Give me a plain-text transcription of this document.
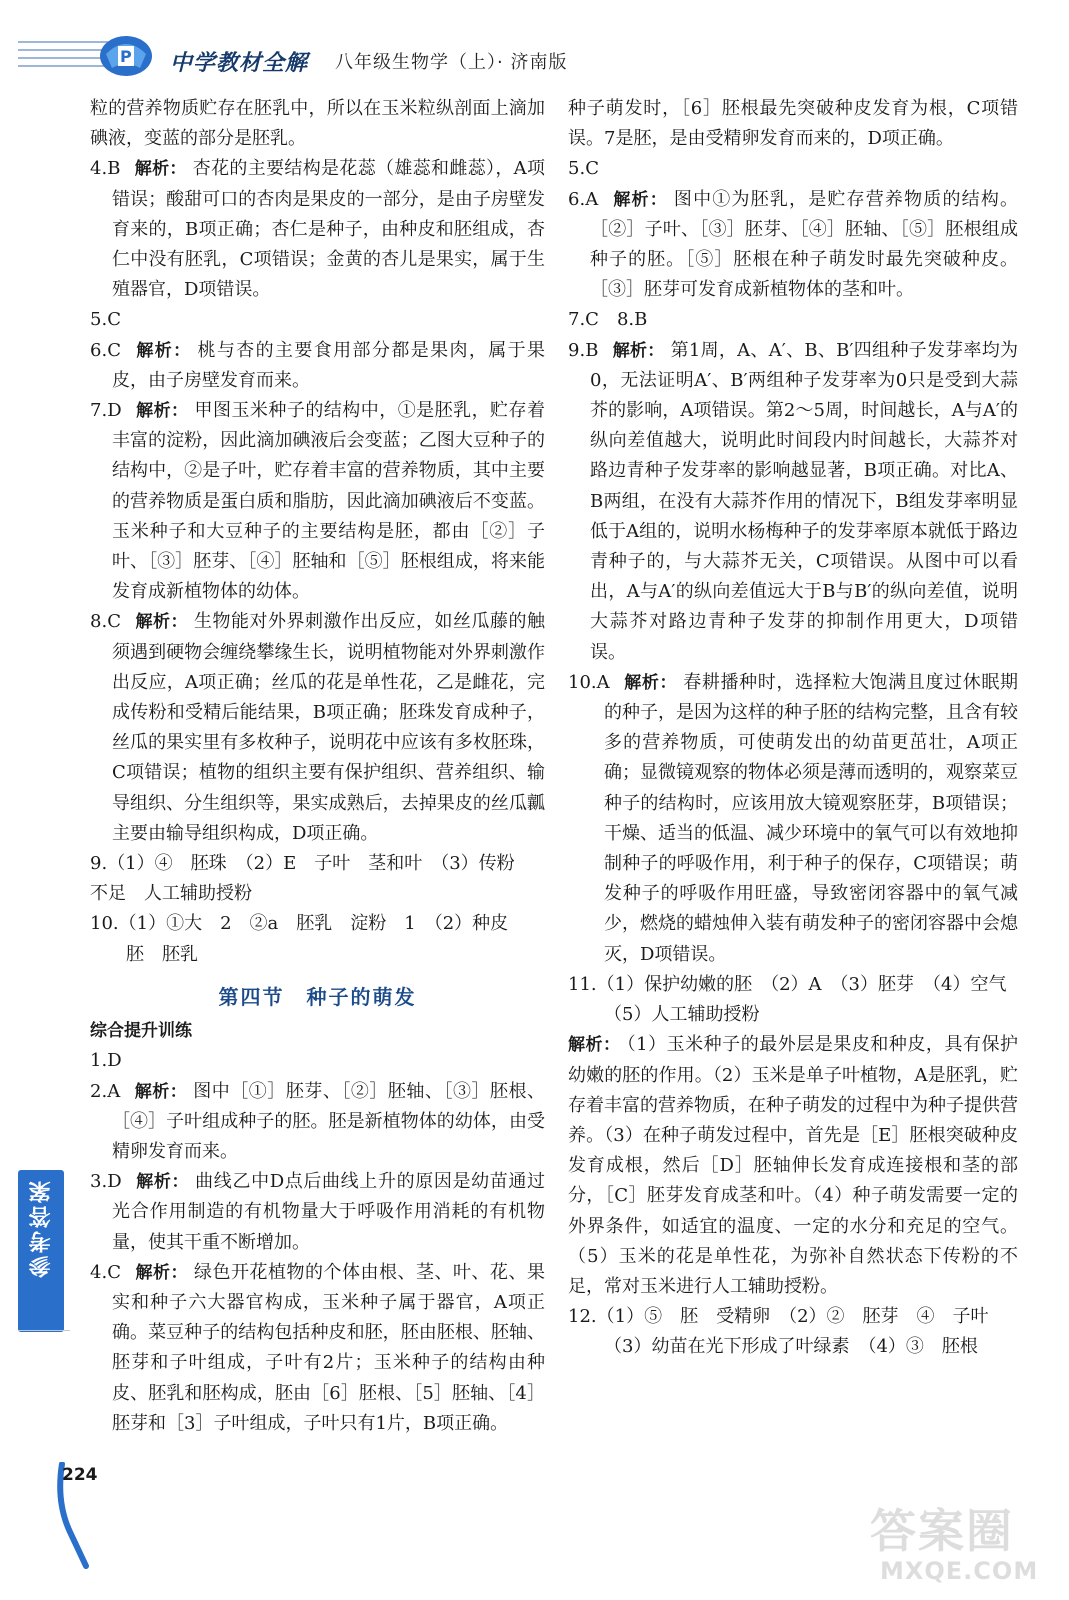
P 中学教材全解 八年级生物学（上）· 济南版

粒的营养物质贮存在胚乳中，所以在玉米粒纵剖面上滴加碘液，变蓝的部分是胚乳。

4.B 解析： 杏花的主要结构是花蕊（雄蕊和雌蕊），A项错误；酸甜可口的杏肉是果皮的一部分，是由子房壁发育来的，B项正确；杏仁是种子，由种皮和胚组成，杏仁中没有胚乳，C项错误；金黄的杏儿是果实，属于生殖器官，D项错误。

5.C

6.C 解析： 桃与杏的主要食用部分都是果肉，属于果皮，由子房壁发育而来。

7.D 解析： 甲图玉米种子的结构中，①是胚乳，贮存着丰富的淀粉，因此滴加碘液后会变蓝；乙图大豆种子的结构中，②是子叶，贮存着丰富的营养物质，其中主要的营养物质是蛋白质和脂肪，因此滴加碘液后不变蓝。玉米种子和大豆种子的主要结构是胚，都由［②］子叶、［③］胚芽、［④］胚轴和［⑤］胚根组成，将来能发育成新植物体的幼体。

8.C 解析： 生物能对外界刺激作出反应，如丝瓜藤的触须遇到硬物会缠绕攀缘生长，说明植物能对外界刺激作出反应，A项正确；丝瓜的花是单性花，乙是雌花，完成传粉和受精后能结果，B项正确；胚珠发育成种子，丝瓜的果实里有多枚种子，说明花中应该有多枚胚珠，C项错误；植物的组织主要有保护组织、营养组织、输导组织、分生组织等，果实成熟后，去掉果皮的丝瓜瓤主要由输导组织构成，D项正确。

9.（1）④　胚珠　（2）E　子叶　茎和叶　（3）传粉

不足　人工辅助授粉

10.（1）①大　2　②a　胚乳　淀粉　1　（2）种皮

胚　胚乳

第四节　种子的萌发

综合提升训练

1.D

2.A 解析： 图中［①］胚芽、［②］胚轴、［③］胚根、［④］子叶组成种子的胚。胚是新植物体的幼体，由受精卵发育而来。

3.D 解析： 曲线乙中D点后曲线上升的原因是幼苗通过光合作用制造的有机物量大于呼吸作用消耗的有机物量，使其干重不断增加。

4.C 解析： 绿色开花植物的个体由根、茎、叶、花、果实和种子六大器官构成，玉米种子属于器官，A项正确。菜豆种子的结构包括种皮和胚，胚由胚根、胚轴、胚芽和子叶组成，子叶有2片；玉米种子的结构由种皮、胚乳和胚构成，胚由［6］胚根、［5］胚轴、［4］胚芽和［3］子叶组成，子叶只有1片，B项正确。

种子萌发时，［6］胚根最先突破种皮发育为根，C项错误。7是胚，是由受精卵发育而来的，D项正确。

5.C

6.A 解析： 图中①为胚乳，是贮存营养物质的结构。［②］子叶、［③］胚芽、［④］胚轴、［⑤］胚根组成种子的胚。［⑤］胚根在种子萌发时最先突破种皮。［③］胚芽可发育成新植物体的茎和叶。

7.C　8.B

9.B 解析： 第1周，A、A′、B、B′四组种子发芽率均为0，无法证明A′、B′两组种子发芽率为0只是受到大蒜芥的影响，A项错误。第2～5周，时间越长，A与A′的纵向差值越大，说明此时间段内时间越长，大蒜芥对路边青种子发芽率的影响越显著，B项正确。对比A、B两组，在没有大蒜芥作用的情况下，B组发芽率明显低于A组的，说明水杨梅种子的发芽率原本就低于路边青种子的，与大蒜芥无关，C项错误。从图中可以看出，A与A′的纵向差值远大于B与B′的纵向差值，说明大蒜芥对路边青种子发芽的抑制作用更大，D项错误。

10.A 解析： 春耕播种时，选择粒大饱满且度过休眠期的种子，是因为这样的种子胚的结构完整，且含有较多的营养物质，可使萌发出的幼苗更茁壮，A项正确；显微镜观察的物体必须是薄而透明的，观察菜豆种子的结构时，应该用放大镜观察胚芽，B项错误；干燥、适当的低温、减少环境中的氧气可以有效地抑制种子的呼吸作用，利于种子的保存，C项错误；萌发种子的呼吸作用旺盛，导致密闭容器中的氧气减少，燃烧的蜡烛伸入装有萌发种子的密闭容器中会熄灭，D项错误。

11.（1）保护幼嫩的胚　（2）A　（3）胚芽　（4）空气

（5）人工辅助授粉

解析： （1）玉米种子的最外层是果皮和种皮，具有保护幼嫩的胚的作用。（2）玉米是单子叶植物，A是胚乳，贮存着丰富的营养物质，在种子萌发的过程中为种子提供营养。（3）在种子萌发过程中，首先是［E］胚根突破种皮发育成根，然后［D］胚轴伸长发育成连接根和茎的部分，［C］胚芽发育成茎和叶。（4）种子萌发需要一定的外界条件，如适宜的温度、一定的水分和充足的空气。（5）玉米的花是单性花，为弥补自然状态下传粉的不足，常对玉米进行人工辅助授粉。

12.（1）⑤　胚　受精卵　（2）②　胚芽　④　子叶

（3）幼苗在光下形成了叶绿素　（4）③　胚根

参考答案
224
答案圈
MXQE.COM
